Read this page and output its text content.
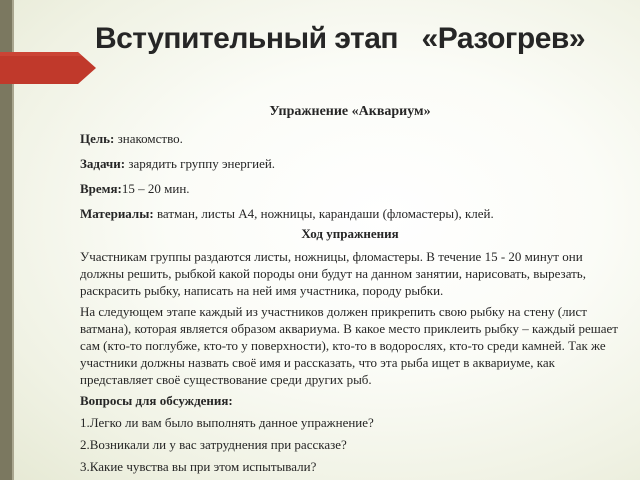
Вступительный этап   «Разогрев»

Упражнение «Аквариум»

Цель: знакомство.

Задачи: зарядить группу энергией.

Время:15 – 20 мин.

Материалы: ватман, листы А4, ножницы, карандаши (фломастеры), клей.

Ход упражнения

Участникам группы раздаются листы, ножницы, фломастеры. В течение 15 - 20 минут они должны решить, рыбкой какой породы они будут на данном занятии, нарисовать, вырезать, раскрасить рыбку, написать на ней имя участника, породу рыбки.

На следующем этапе каждый из участников должен прикрепить свою рыбку на стену (лист ватмана), которая является образом аквариума. В какое место приклеить рыбку – каждый решает сам (кто-то поглубже, кто-то у поверхности), кто-то в водорослях, кто-то среди камней. Так же участники должны назвать своё имя и рассказать, что эта рыба ищет в аквариуме, как представляет своё существование среди других рыб.

Вопросы для обсуждения:

1.Легко ли вам было выполнять данное упражнение?

2.Возникали ли у вас затруднения при рассказе?

3.Какие чувства вы при этом испытывали?
